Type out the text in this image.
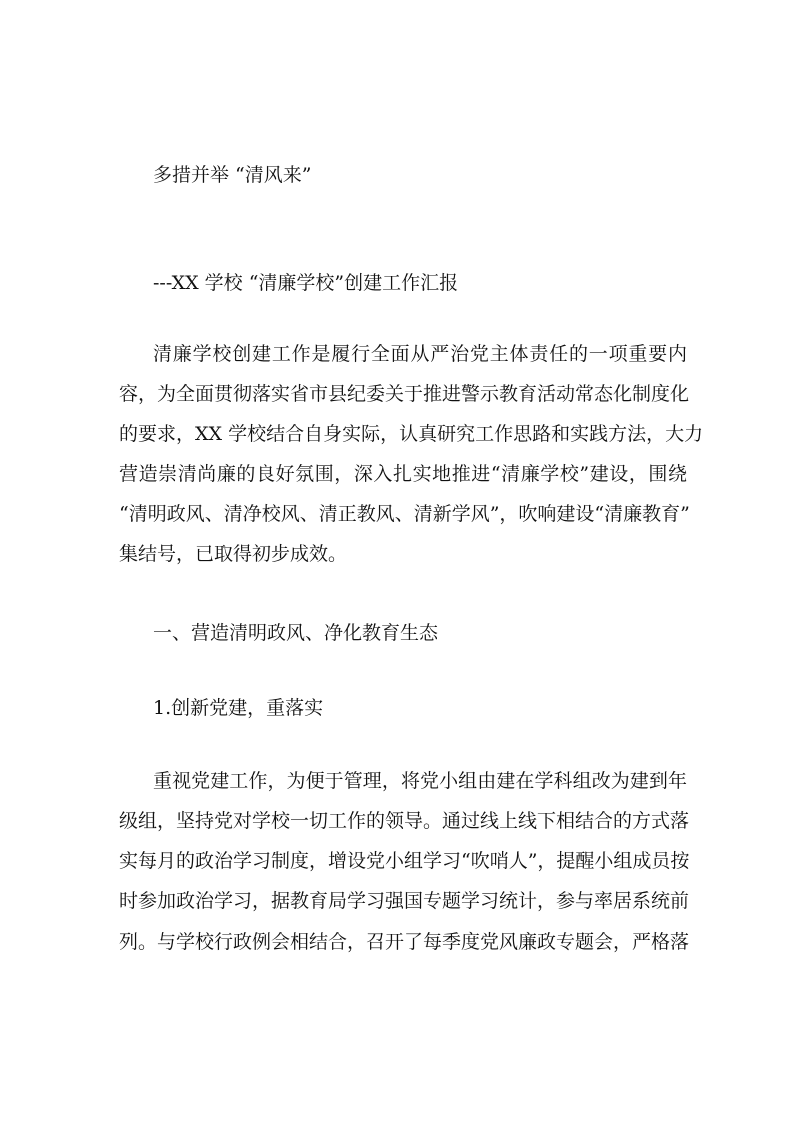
多措并举 “清风来”
---XX 学校 “清廉学校”创建工作汇报
清廉学校创建工作是履行全面从严治党主体责任的一项重要内
容，为全面贯彻落实省市县纪委关于推进警示教育活动常态化制度化
的要求，XX 学校结合自身实际，认真研究工作思路和实践方法，大力
营造崇清尚廉的良好氛围，深入扎实地推进“清廉学校”建设，围绕
“清明政风、清净校风、清正教风、清新学风”，吹响建设“清廉教育”
集结号，已取得初步成效。
一、营造清明政风、净化教育生态
1.创新党建，重落实
重视党建工作，为便于管理，将党小组由建在学科组改为建到年
级组，坚持党对学校一切工作的领导。通过线上线下相结合的方式落
实每月的政治学习制度，增设党小组学习“吹哨人”，提醒小组成员按
时参加政治学习，据教育局学习强国专题学习统计，参与率居系统前
列。与学校行政例会相结合，召开了每季度党风廉政专题会，严格落
